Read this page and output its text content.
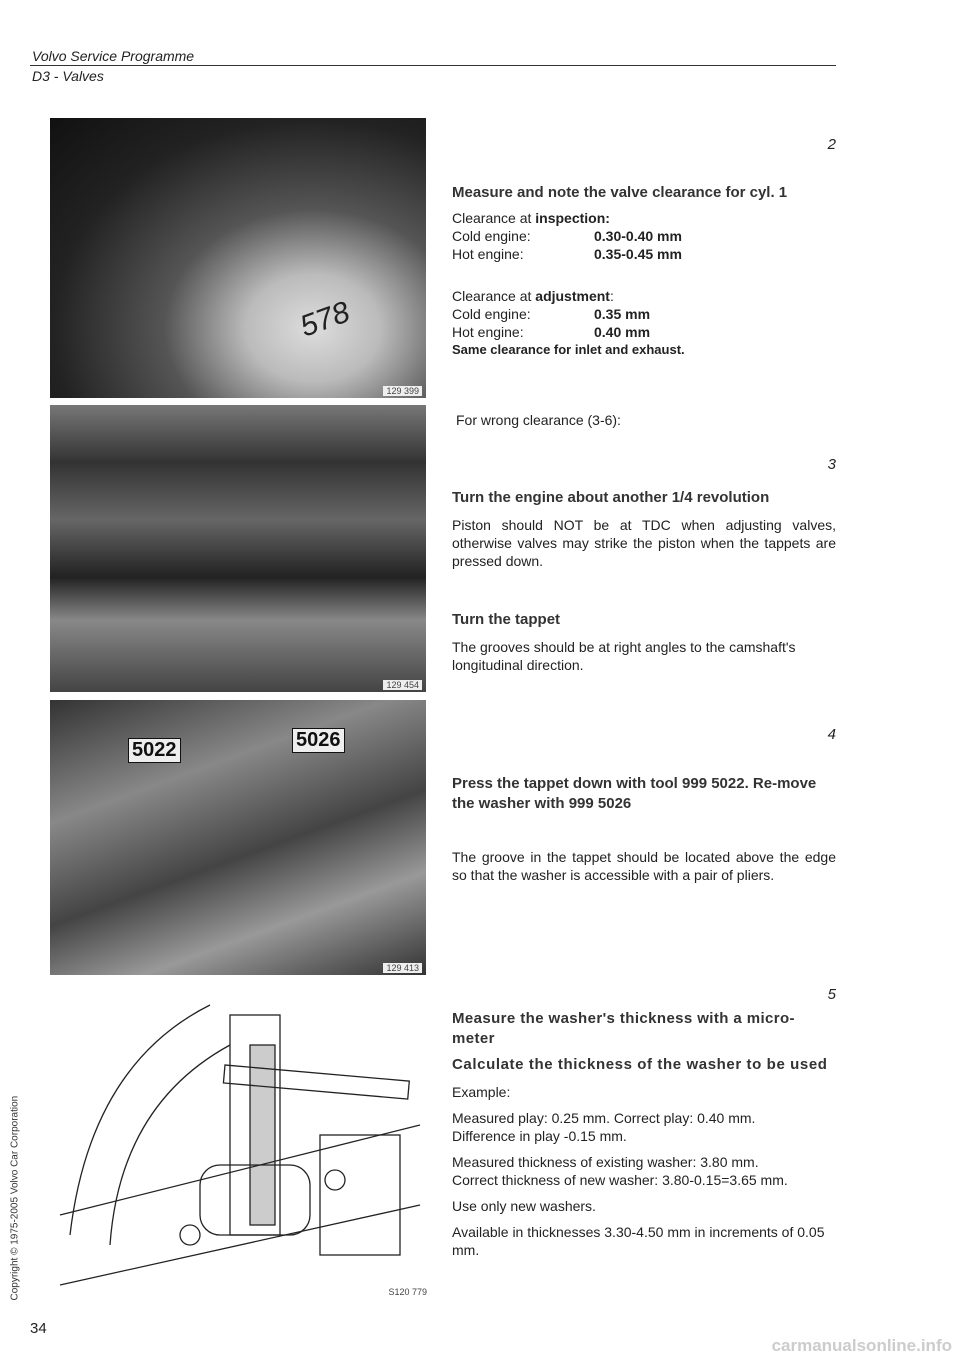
Volvo Service Programme
D3 - Valves
578
129 399
129 454
5022	5026
129 413
S120 779
2

Measure and note the valve clearance for cyl. 1

Clearance at inspection:

Cold engine:	0.30-0.40 mm

Hot engine:	0.35-0.45 mm

Clearance at adjustment:

Cold engine:	0.35 mm

Hot engine:	0.40 mm

Same clearance for inlet and exhaust.

For wrong clearance (3-6):

3

Turn the engine about another 1/4 revolution

Piston should NOT be at TDC when adjusting valves, otherwise valves may strike the piston when the tappets are pressed down.

Turn the tappet

The grooves should be at right angles to the camshaft's longitudinal direction.

4

Press the tappet down with tool 999 5022. Re-move the washer with 999 5026

The groove in the tappet should be located above the edge so that the washer is accessible with a pair of pliers.

5

Measure the washer's thickness with a micro-meter

Calculate the thickness of the washer to be used

Example:

Measured play: 0.25 mm. Correct play: 0.40 mm.

Difference in play -0.15 mm.

Measured thickness of existing washer: 3.80 mm.

Correct thickness of new washer: 3.80-0.15=3.65 mm.

Use only new washers.

Available in thicknesses 3.30-4.50 mm in increments of 0.05 mm.

34
Copyright © 1975-2005 Volvo Car Corporation
carmanualsonline.info
